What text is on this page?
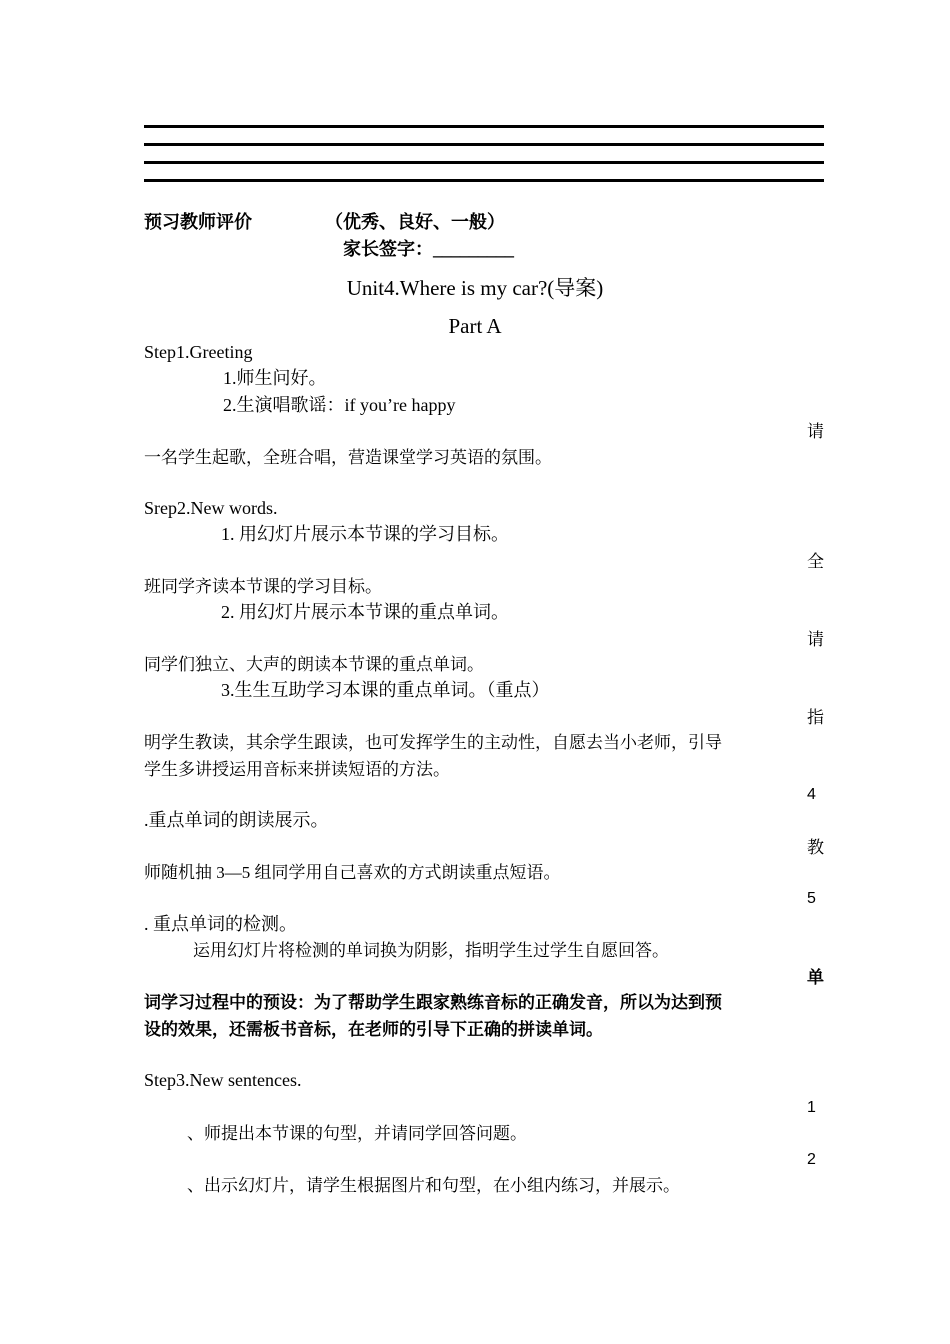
预习教师评价	（优秀、良好、一般）
家长签字：_________
Unit4.Where is my car?(导案)
Part A
Step1.Greeting
1.师生问好。
2.生演唱歌谣：if you’re happy
请
一名学生起歌，全班合唱，营造课堂学习英语的氛围。
Srep2.New words.
1. 用幻灯片展示本节课的学习目标。
全
班同学齐读本节课的学习目标。
2. 用幻灯片展示本节课的重点单词。
请
同学们独立、大声的朗读本节课的重点单词。
3.生生互助学习本课的重点单词。（重点）
指
明学生教读，其余学生跟读，也可发挥学生的主动性，自愿去当小老师，引导
学生多讲授运用音标来拼读短语的方法。
4
.重点单词的朗读展示。
教
师随机抽 3—5 组同学用自己喜欢的方式朗读重点短语。
5
. 重点单词的检测。
运用幻灯片将检测的单词换为阴影，指明学生过学生自愿回答。
单
词学习过程中的预设：为了帮助学生跟家熟练音标的正确发音，所以为达到预
设的效果，还需板书音标，在老师的引导下正确的拼读单词。
Step3.New sentences.
1
、师提出本节课的句型，并请同学回答问题。
2
、出示幻灯片，请学生根据图片和句型，在小组内练习，并展示。
